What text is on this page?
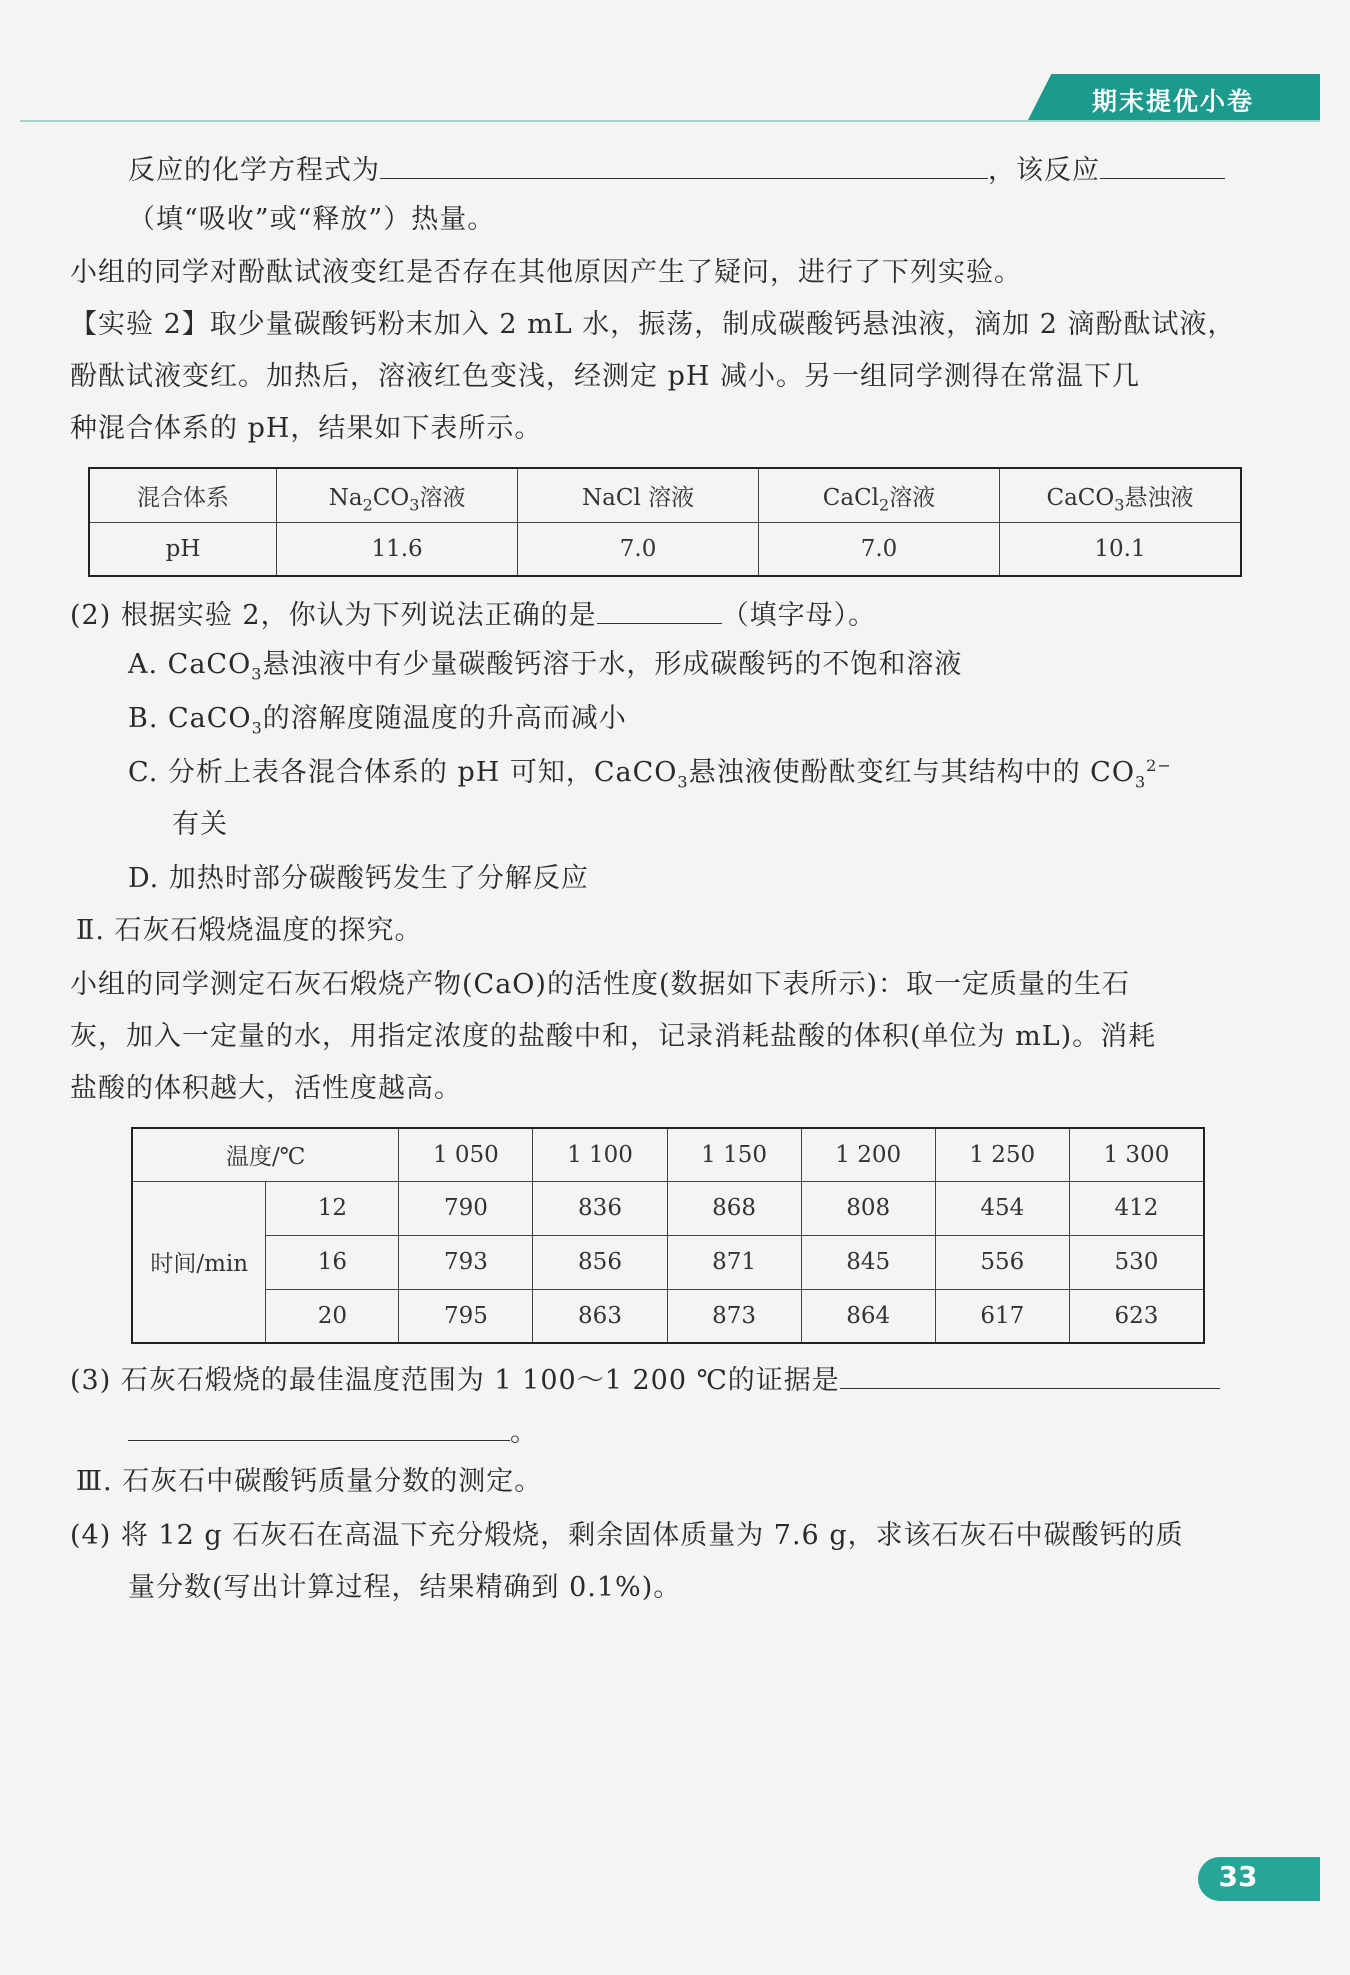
期末提优小卷
反应的化学方程式为	，该反应
（填“吸收”或“释放”）热量。
小组的同学对酚酞试液变红是否存在其他原因产生了疑问，进行了下列实验。
【实验 2】取少量碳酸钙粉末加入 2 mL 水，振荡，制成碳酸钙悬浊液，滴加 2 滴酚酞试液，
酚酞试液变红。加热后，溶液红色变浅，经测定 pH 减小。另一组同学测得在常温下几
种混合体系的 pH，结果如下表所示。
混合体系	$Na_2CO_3$溶液	NaCl 溶液	CaCl$_2$溶液	CaCO$_3$悬浊液
pH	11.6	7.0	7.0	10.1
(2) 根据实验 2，你认为下列说法正确的是	（填字母）。
A. CaCO$_3$悬浊液中有少量碳酸钙溶于水，形成碳酸钙的不饱和溶液
B. CaCO$_3$的溶解度随温度的升高而减小
C. 分析上表各混合体系的 pH 可知，CaCO$_3$悬浊液使酚酞变红与其结构中的 $CO_3^{2-}$
有关
D. 加热时部分碳酸钙发生了分解反应
Ⅱ. 石灰石煅烧温度的探究。
小组的同学测定石灰石煅烧产物(CaO)的活性度(数据如下表所示)：取一定质量的生石
灰，加入一定量的水，用指定浓度的盐酸中和，记录消耗盐酸的体积(单位为 mL)。消耗
盐酸的体积越大，活性度越高。
温度/℃		1 050	1 100	1 150	1 200	1 250	1 300
时间/min	12	790	836	868	808	454	412
	16	793	856	871	845	556	530
	20	795	863	873	864	617	623
(3) 石灰石煅烧的最佳温度范围为 1 100～1 200 ℃的证据是
。
Ⅲ. 石灰石中碳酸钙质量分数的测定。
(4) 将 12 g 石灰石在高温下充分煅烧，剩余固体质量为 7.6 g，求该石灰石中碳酸钙的质
量分数(写出计算过程，结果精确到 0.1%)。
33
